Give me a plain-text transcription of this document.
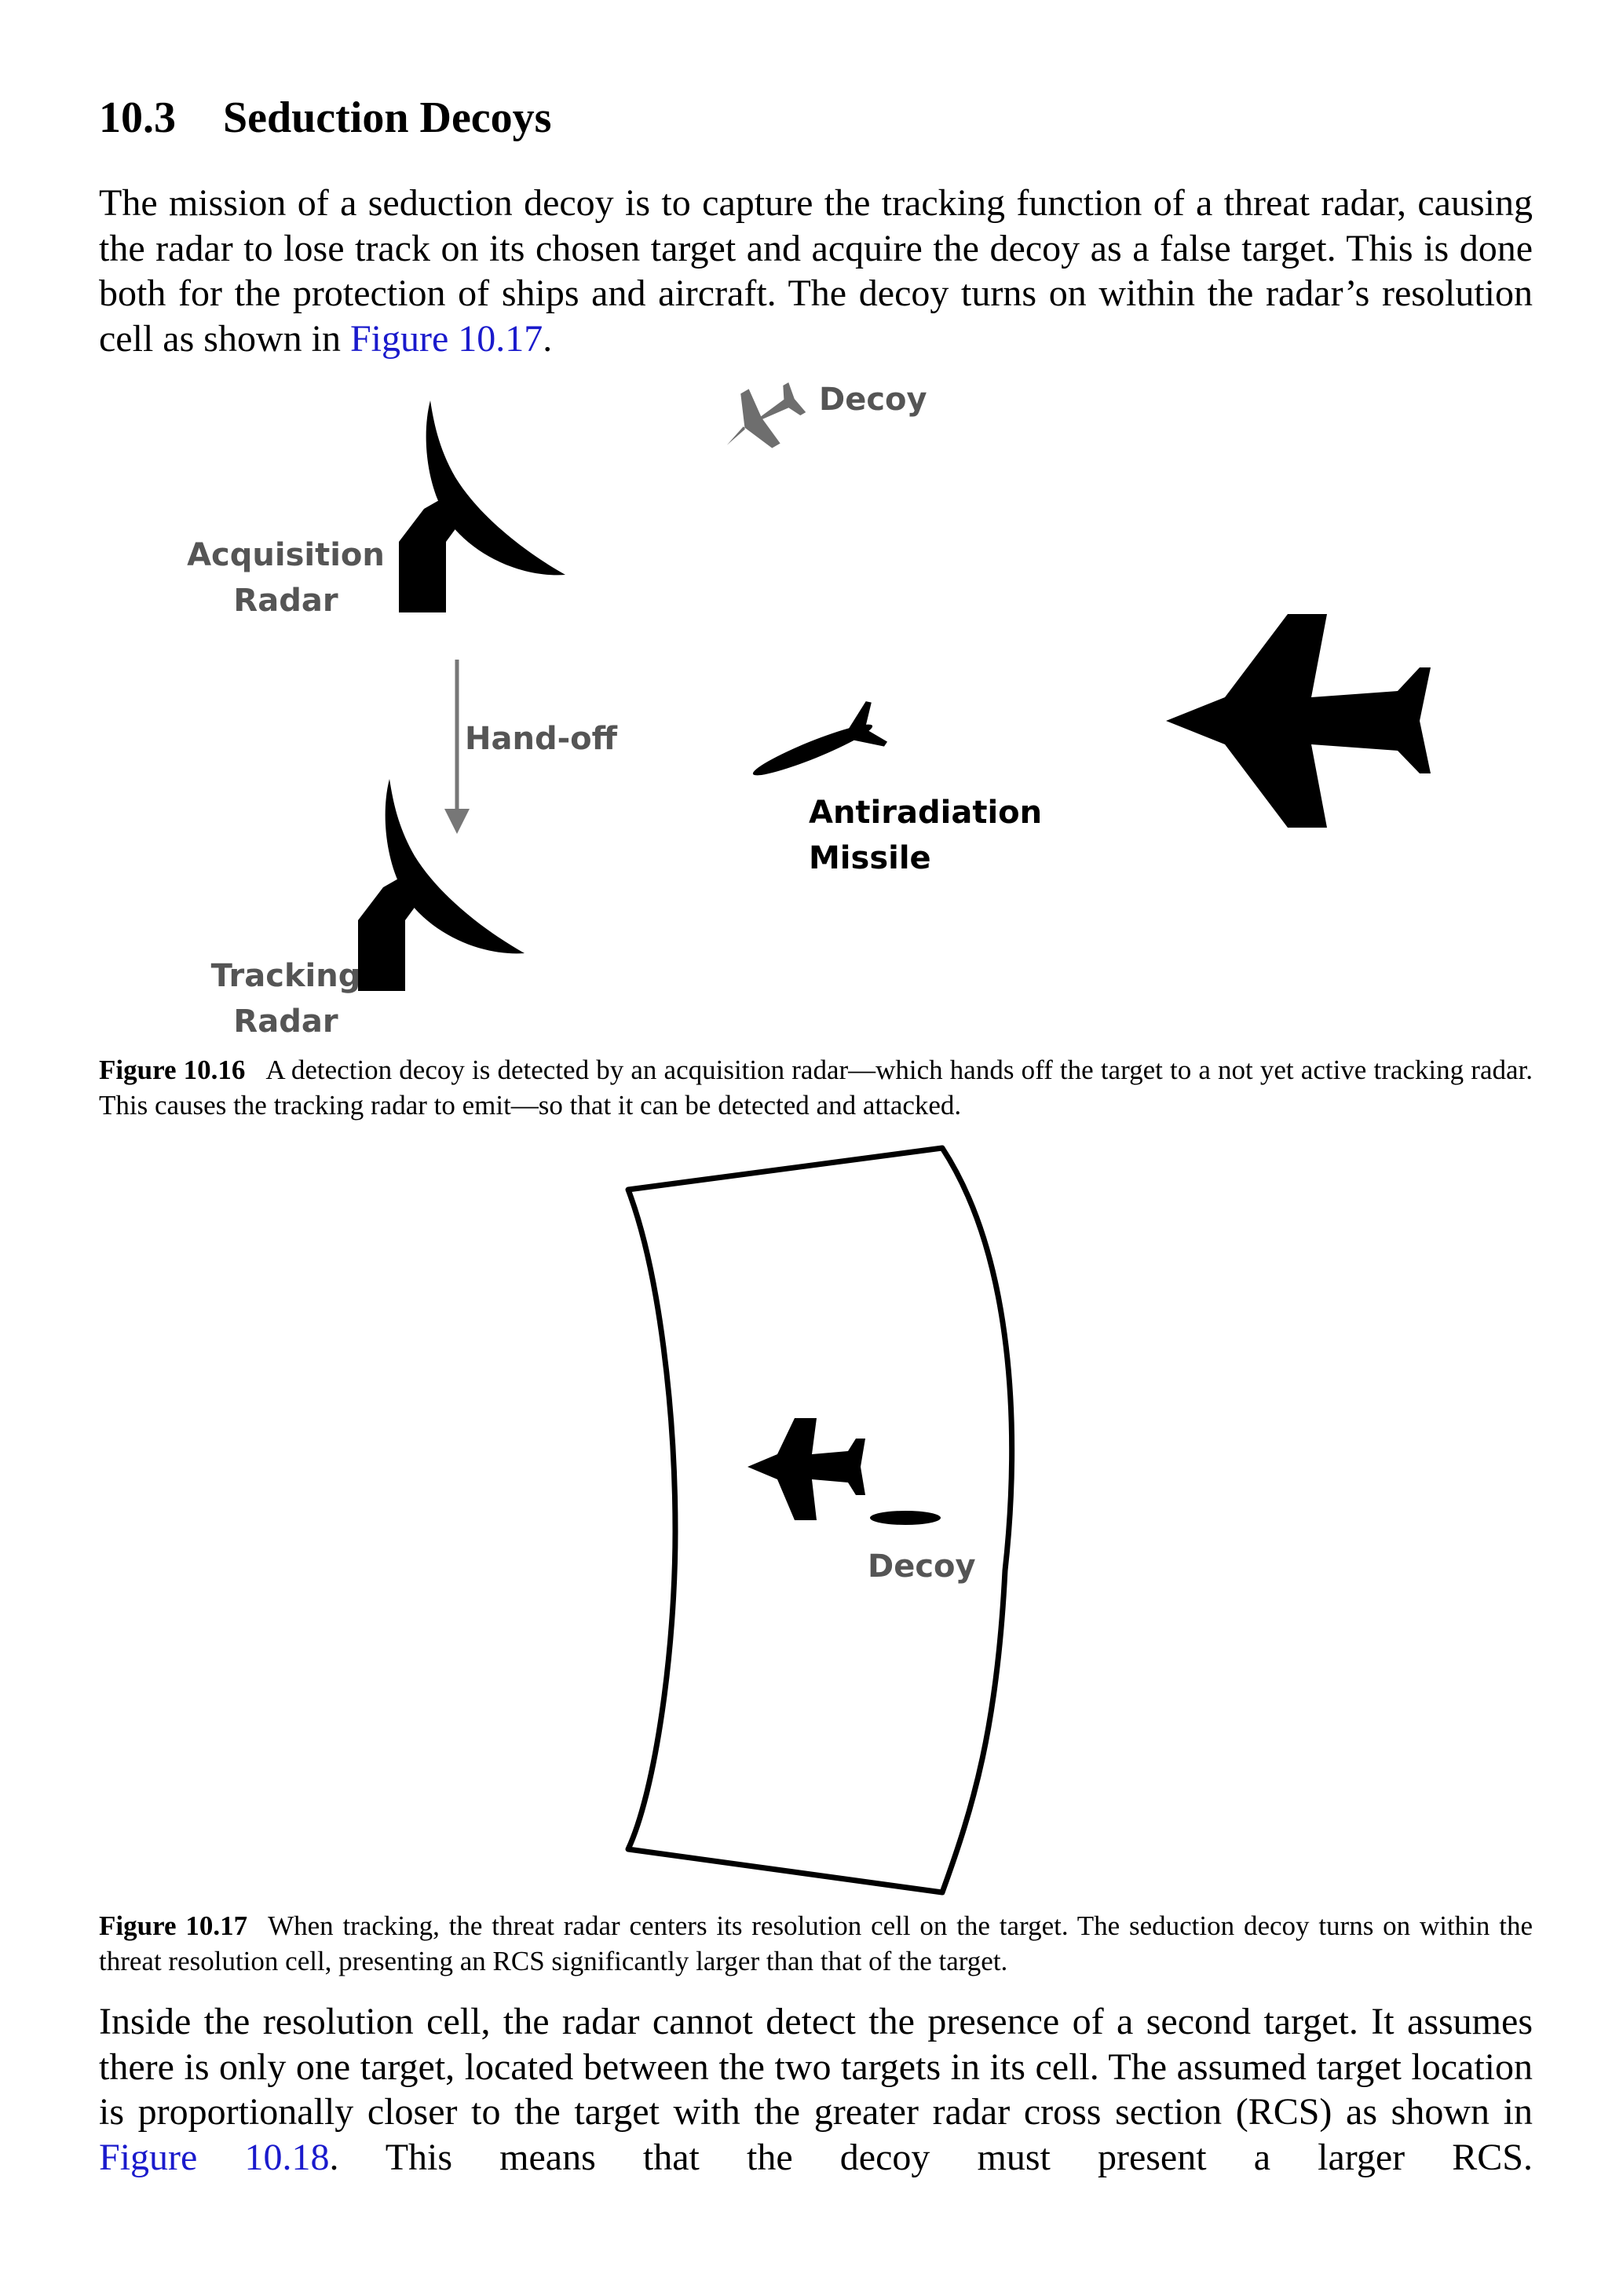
10.3 Seduction Decoys

The mission of a seduction decoy is to capture the tracking function of a threat radar, causing the radar to lose track on its chosen target and acquire the decoy as a false target. This is done both for the protection of ships and aircraft. The decoy turns on within the radar’s resolution cell as shown in Figure 10.17.

Decoy
Acquisition
Radar
Hand-off
Tracking
Radar
Antiradiation
Missile

Figure 10.16 A detection decoy is detected by an acquisition radar—which hands off the target to a not yet active tracking radar. This causes the tracking radar to emit—so that it can be detected and attacked.

Decoy

Figure 10.17 When tracking, the threat radar centers its resolution cell on the target. The seduction decoy turns on within the threat resolution cell, presenting an RCS significantly larger than that of the target.

Inside the resolution cell, the radar cannot detect the presence of a second target. It assumes there is only one target, located between the two targets in its cell. The assumed target location is proportionally closer to the target with the greater radar cross section (RCS) as shown in Figure 10.18. This means that the decoy must present a larger RCS.
